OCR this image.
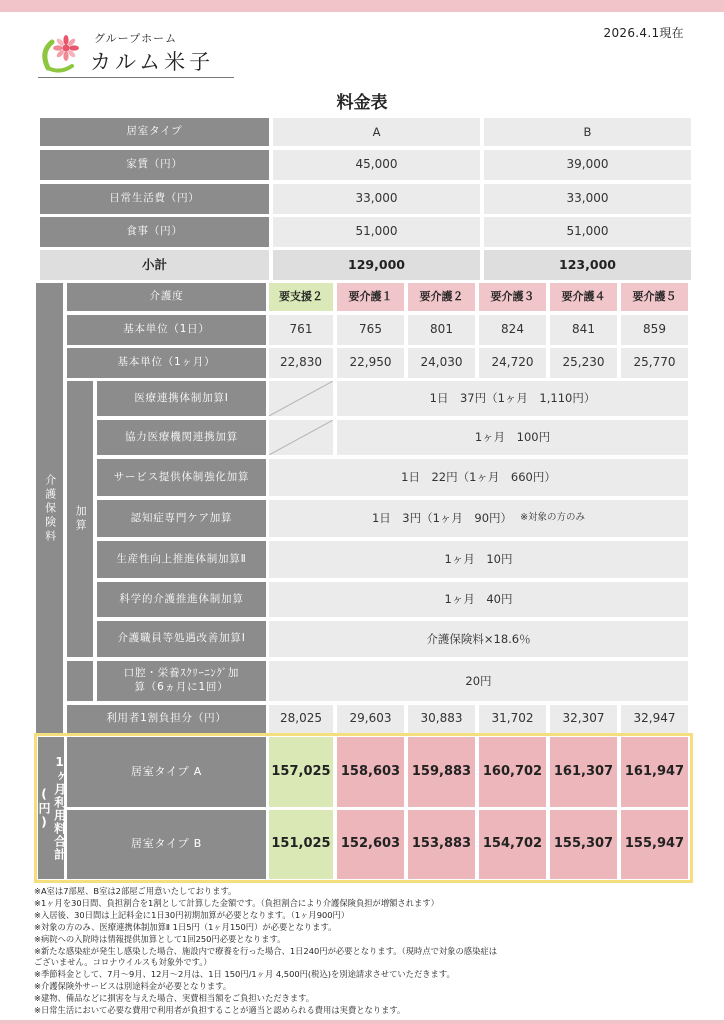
2026.4.1現在
グループホーム
カルム米子
料金表
居室タイプ	A	B
家賃（円）	45,000	39,000
日常生活費（円）	33,000	33,000
食事（円）	51,000	51,000
小計	129,000	123,000
介護保険料
介護度	要支援２	要介護１	要介護２	要介護３	要介護４	要介護５
基本単位（1日）	761	765	801	824	841	859
基本単位（1ヶ月）	22,830	22,950	24,030	24,720	25,230	25,770
加算
医療連携体制加算Ⅰ	1日　37円（1ヶ月　1,110円）
協力医療機関連携加算	1ヶ月　100円
サービス提供体制強化加算	1日　22円（1ヶ月　660円）
認知症専門ケア加算	1日　3円（1ヶ月　90円） ※対象の方のみ
生産性向上推進体制加算Ⅱ	1ヶ月　10円
科学的介護推進体制加算	1ヶ月　40円
介護職員等処遇改善加算Ⅰ	介護保険料×18.6％
口腔・栄養ｽｸﾘｰﾆﾝｸﾞ加算（6ヵ月に1回）	20円
利用者1割負担分（円）	28,025	29,603	30,883	31,702	32,307	32,947
1ヶ月利用料合計(円)
居室タイプ A	157,025 158,603 159,883 160,702 161,307 161,947
居室タイプ B	151,025 152,603 153,883 154,702 155,307 155,947
※A室は7部屋、B室は2部屋ご用意いたしております。
※1ヶ月を30日間、負担割合を1割として計算した金額です。（負担割合により介護保険負担が増額されます）
※入居後、30日間は上記料金に1日30円初期加算が必要となります。（1ヶ月900円）
※対象の方のみ、医療連携体制加算Ⅱ 1日5円（1ヶ月150円）が必要となります。
※病院への入院時は情報提供加算として1回250円必要となります。
※新たな感染症が発生し感染した場合、施設内で療養を行った場合、1日240円が必要となります。（現時点で対象の感染症は
ございません。コロナウイルスも対象外です。）
※季節料金として、7月～9月、12月～2月は、1日 150円/1ヶ月 4,500円(税込)を別途請求させていただきます。
※介護保険外サービスは別途料金が必要となります。
※建物、備品などに損害を与えた場合、実費相当額をご負担いただきます。
※日常生活において必要な費用で利用者が負担することが適当と認められる費用は実費となります。
